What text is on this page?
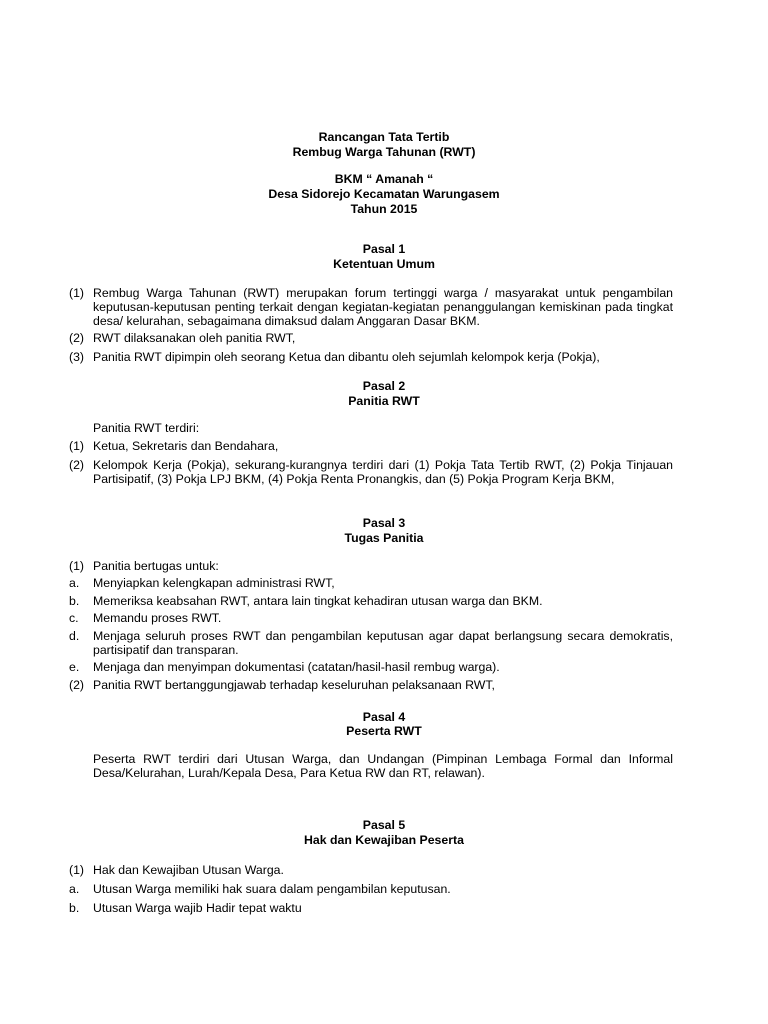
Rancangan Tata Tertib
Rembug Warga Tahunan (RWT)
BKM “ Amanah “
Desa Sidorejo Kecamatan Warungasem
Tahun 2015
Pasal 1
Ketentuan Umum
(1) Rembug Warga Tahunan (RWT) merupakan forum tertinggi warga / masyarakat untuk pengambilan keputusan-keputusan penting terkait dengan kegiatan-kegiatan penanggulangan kemiskinan pada tingkat desa/ kelurahan, sebagaimana dimaksud dalam Anggaran Dasar BKM.
(2) RWT dilaksanakan oleh panitia RWT,
(3) Panitia RWT dipimpin oleh seorang Ketua dan dibantu oleh sejumlah kelompok kerja (Pokja),
Pasal 2
Panitia RWT
Panitia RWT terdiri:
(1) Ketua, Sekretaris dan Bendahara,
(2) Kelompok Kerja (Pokja), sekurang-kurangnya terdiri dari (1) Pokja Tata Tertib RWT, (2) Pokja Tinjauan Partisipatif, (3) Pokja LPJ BKM, (4) Pokja Renta Pronangkis, dan (5) Pokja Program Kerja BKM,
Pasal 3
Tugas Panitia
(1) Panitia bertugas untuk:
a. Menyiapkan kelengkapan administrasi RWT,
b. Memeriksa keabsahan RWT, antara lain tingkat kehadiran utusan warga dan BKM.
c. Memandu proses RWT.
d. Menjaga seluruh proses RWT dan pengambilan keputusan agar dapat berlangsung secara demokratis, partisipatif dan transparan.
e. Menjaga dan menyimpan dokumentasi (catatan/hasil-hasil rembug warga).
(2) Panitia RWT bertanggungjawab terhadap keseluruhan pelaksanaan RWT,
Pasal 4
Peserta RWT
Peserta RWT terdiri dari Utusan Warga, dan Undangan (Pimpinan Lembaga Formal dan Informal Desa/Kelurahan, Lurah/Kepala Desa, Para Ketua RW dan RT, relawan).
Pasal 5
Hak dan Kewajiban Peserta
(1) Hak dan Kewajiban Utusan Warga.
a. Utusan Warga memiliki hak suara dalam pengambilan keputusan.
b. Utusan Warga wajib Hadir tepat waktu
